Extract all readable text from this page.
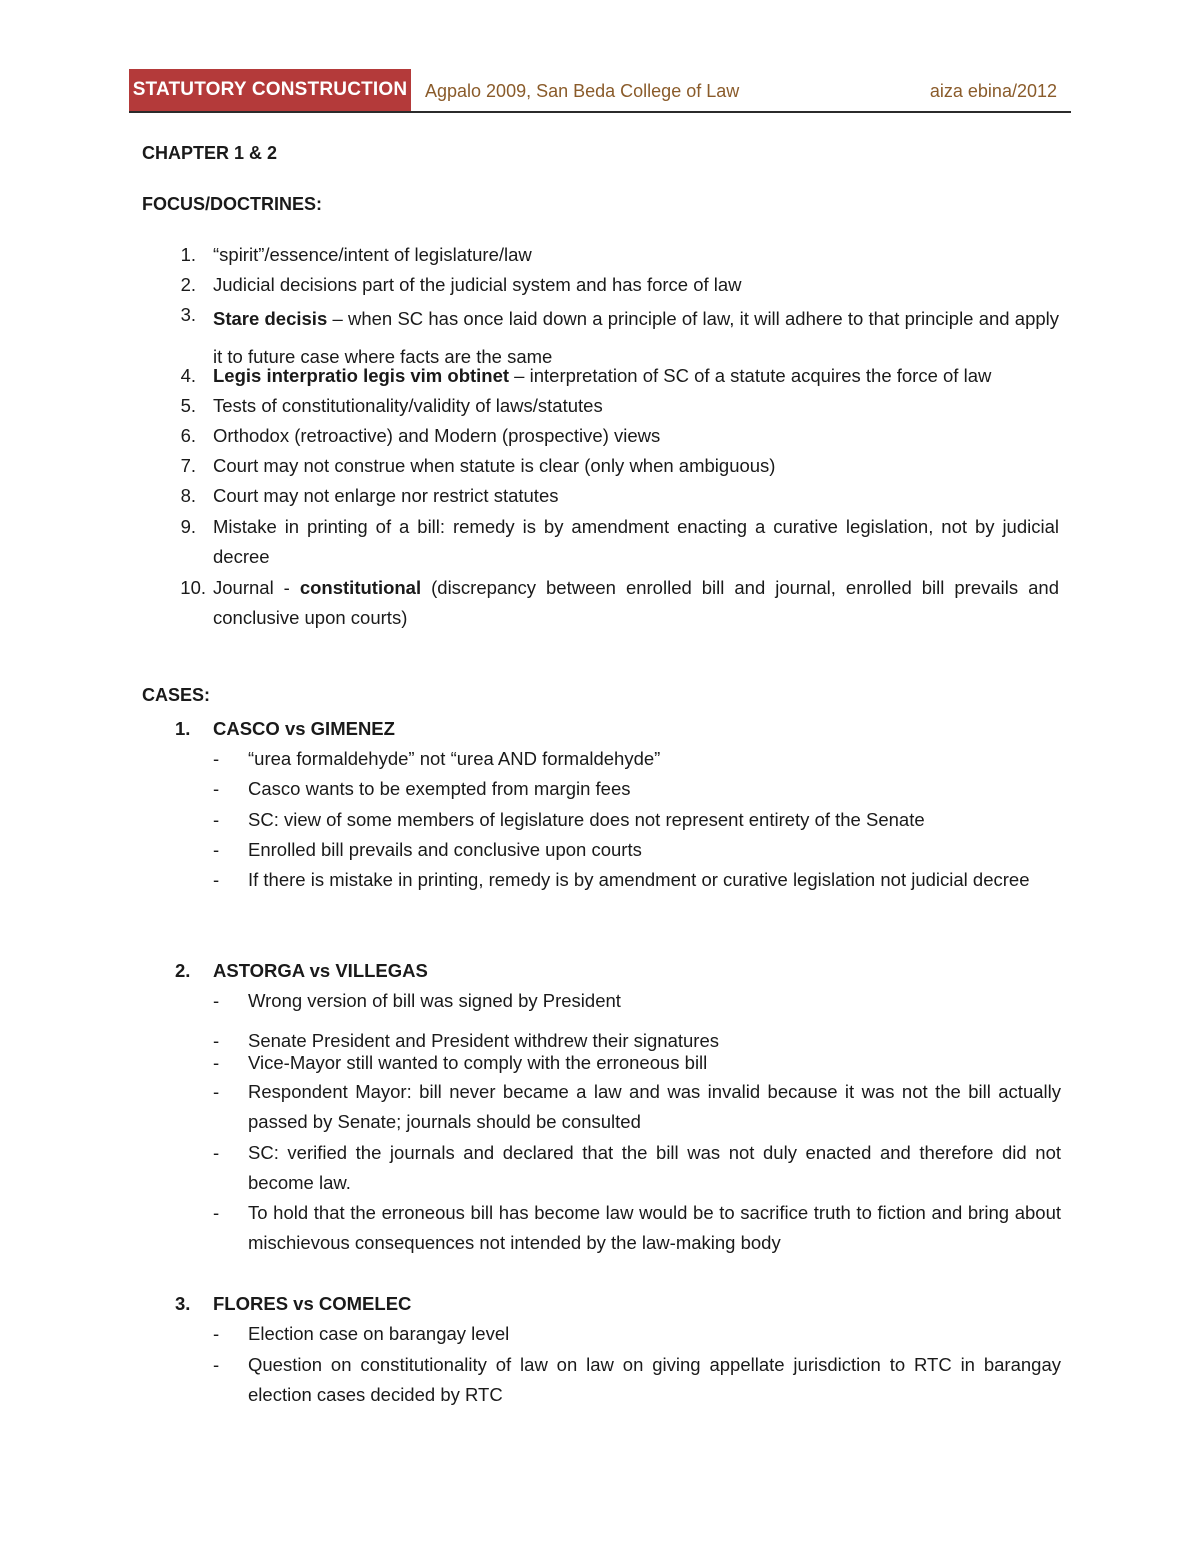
STATUTORY CONSTRUCTION Agpalo 2009, San Beda College of Law	aiza ebina/2012
CHAPTER 1 & 2
FOCUS/DOCTRINES:
1. “spirit”/essence/intent of legislature/law
2. Judicial decisions part of the judicial system and has force of law
3. Stare decisis – when SC has once laid down a principle of law, it will adhere to that principle and apply it to future case where facts are the same
4. Legis interpratio legis vim obtinet – interpretation of SC of a statute acquires the force of law
5. Tests of constitutionality/validity of laws/statutes
6. Orthodox (retroactive) and Modern (prospective) views
7. Court may not construe when statute is clear (only when ambiguous)
8. Court may not enlarge nor restrict statutes
9. Mistake in printing of a bill: remedy is by amendment enacting a curative legislation, not by judicial decree
10. Journal - constitutional (discrepancy between enrolled bill and journal, enrolled bill prevails and conclusive upon courts)
CASES:
1. CASCO vs GIMENEZ
- “urea formaldehyde” not “urea AND formaldehyde”
- Casco wants to be exempted from margin fees
- SC: view of some members of legislature does not represent entirety of the Senate
- Enrolled bill prevails and conclusive upon courts
- If there is mistake in printing, remedy is by amendment or curative legislation not judicial decree
2. ASTORGA vs VILLEGAS
- Wrong version of bill was signed by President
- Senate President and President withdrew their signatures
- Vice-Mayor still wanted to comply with the erroneous bill
- Respondent Mayor: bill never became a law and was invalid because it was not the bill actually passed by Senate; journals should be consulted
- SC: verified the journals and declared that the bill was not duly enacted and therefore did not become law.
- To hold that the erroneous bill has become law would be to sacrifice truth to fiction and bring about mischievous consequences not intended by the law-making body
3. FLORES vs COMELEC
- Election case on barangay level
- Question on constitutionality of law on law on giving appellate jurisdiction to RTC in barangay election cases decided by RTC
